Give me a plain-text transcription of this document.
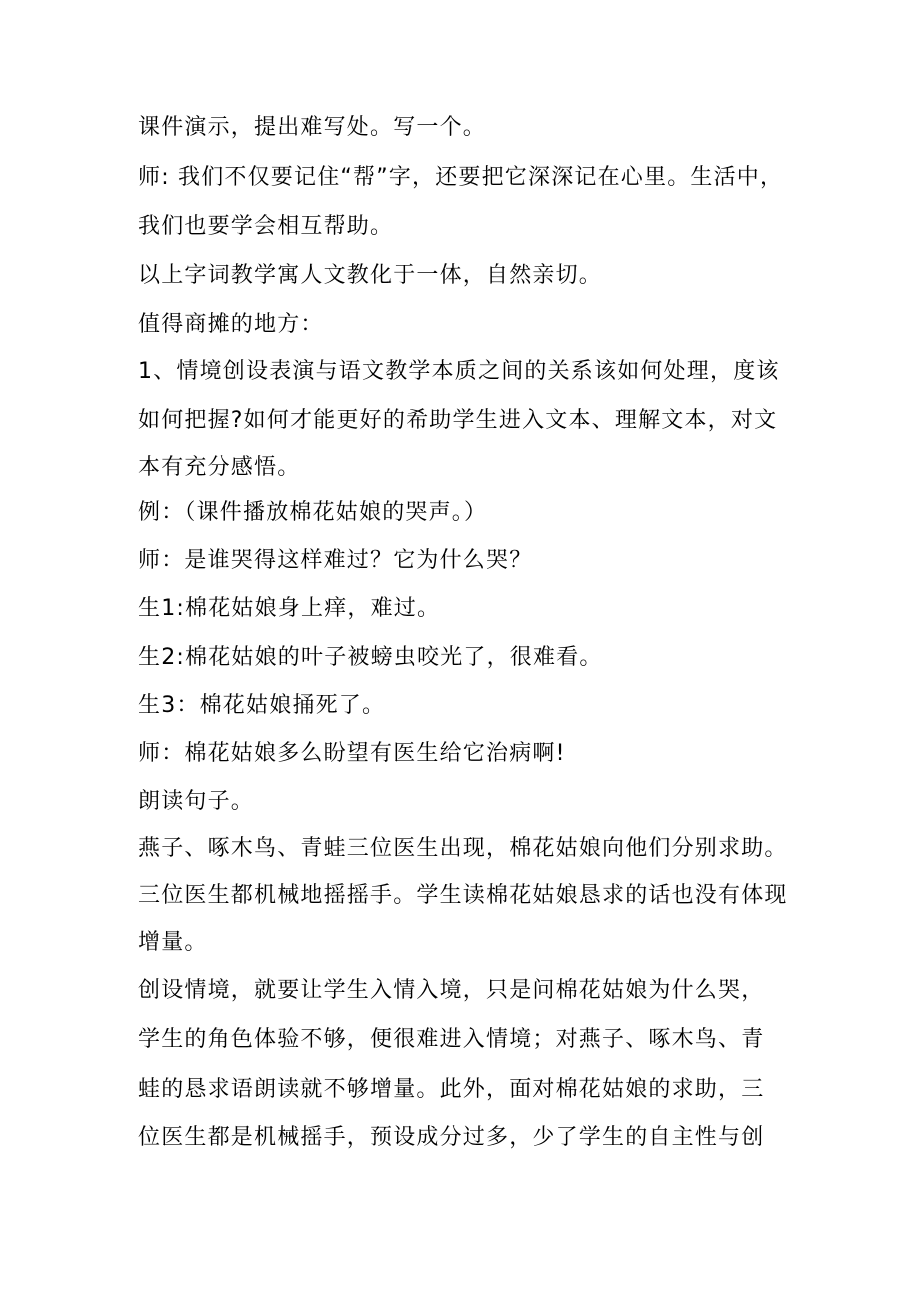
课件演示，提出难写处。写一个。
师: 我们不仅要记住“帮”字，还要把它深深记在心里。生活中，
我们也要学会相互帮助。
以上字词教学寓人文教化于一体，自然亲切。
值得商摊的地方：
1、情境创设表演与语文教学本质之间的关系该如何处理，度该
如何把握?如何才能更好的希助学生进入文本、理解文本，对文
本有充分感悟。
例：（课件播放棉花姑娘的哭声。）
师：是谁哭得这样难过？它为什么哭？
生1:棉花姑娘身上痒，难过。
生2:棉花姑娘的叶子被螃虫咬光了，很难看。
生3：棉花姑娘捅死了。
师：棉花姑娘多么盼望有医生给它治病啊!
朗读句子。
燕子、啄木鸟、青蛙三位医生出现，棉花姑娘向他们分别求助。
三位医生都机械地摇摇手。学生读棉花姑娘恳求的话也没有体现
增量。
创设情境，就要让学生入情入境，只是问棉花姑娘为什么哭，
学生的角色体验不够，便很难进入情境；对燕子、啄木鸟、青
蛙的恳求语朗读就不够增量。此外，面对棉花姑娘的求助，三
位医生都是机械摇手，预设成分过多，少了学生的自主性与创
